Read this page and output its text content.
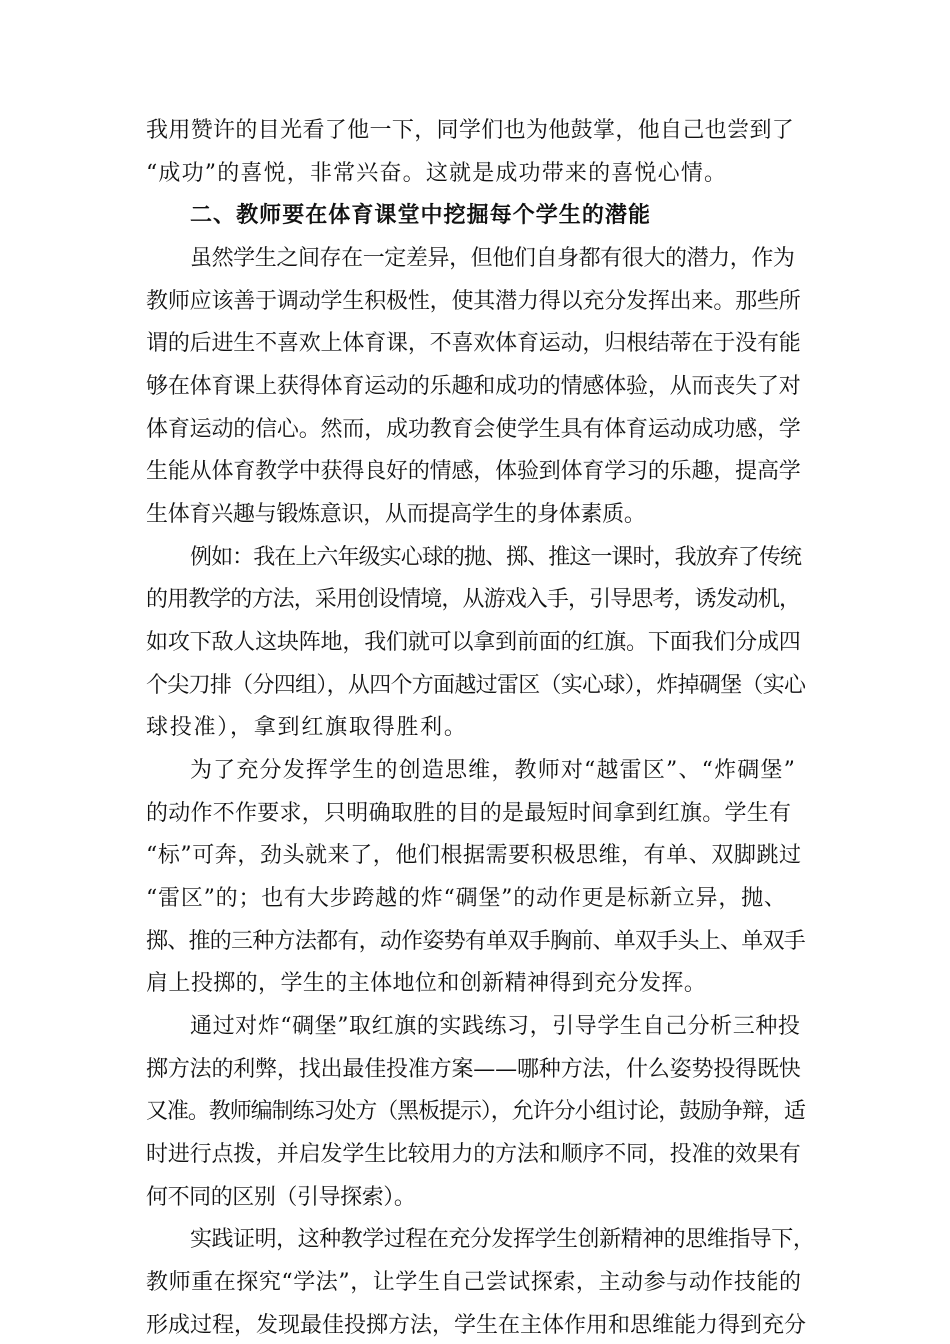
我用赞许的目光看了他一下，同学们也为他鼓掌，他自己也尝到了
“成功”的喜悦，非常兴奋。这就是成功带来的喜悦心情。
二、教师要在体育课堂中挖掘每个学生的潜能
虽然学生之间存在一定差异，但他们自身都有很大的潜力，作为
教师应该善于调动学生积极性，使其潜力得以充分发挥出来。那些所
谓的后进生不喜欢上体育课，不喜欢体育运动，归根结蒂在于没有能
够在体育课上获得体育运动的乐趣和成功的情感体验，从而丧失了对
体育运动的信心。然而，成功教育会使学生具有体育运动成功感，学
生能从体育教学中获得良好的情感，体验到体育学习的乐趣，提高学
生体育兴趣与锻炼意识，从而提高学生的身体素质。
例如：我在上六年级实心球的抛、掷、推这一课时，我放弃了传统
的用教学的方法，采用创设情境，从游戏入手，引导思考，诱发动机，
如攻下敌人这块阵地，我们就可以拿到前面的红旗。下面我们分成四
个尖刀排（分四组），从四个方面越过雷区（实心球），炸掉碉堡（实心
球投准），拿到红旗取得胜利。
为了充分发挥学生的创造思维，教师对“越雷区”、“炸碉堡”
的动作不作要求，只明确取胜的目的是最短时间拿到红旗。学生有
“标”可奔，劲头就来了，他们根据需要积极思维，有单、双脚跳过
“雷区”的；也有大步跨越的炸“碉堡”的动作更是标新立异，抛、
掷、推的三种方法都有，动作姿势有单双手胸前、单双手头上、单双手
肩上投掷的，学生的主体地位和创新精神得到充分发挥。
通过对炸“碉堡”取红旗的实践练习，引导学生自己分析三种投
掷方法的利弊，找出最佳投准方案——哪种方法，什么姿势投得既快
又准。教师编制练习处方（黑板提示），允许分小组讨论，鼓励争辩，适
时进行点拨，并启发学生比较用力的方法和顺序不同，投准的效果有
何不同的区别（引导探索）。
实践证明，这种教学过程在充分发挥学生创新精神的思维指导下，
教师重在探究“学法”，让学生自己尝试探索，主动参与动作技能的
形成过程，发现最佳投掷方法，学生在主体作用和思维能力得到充分
